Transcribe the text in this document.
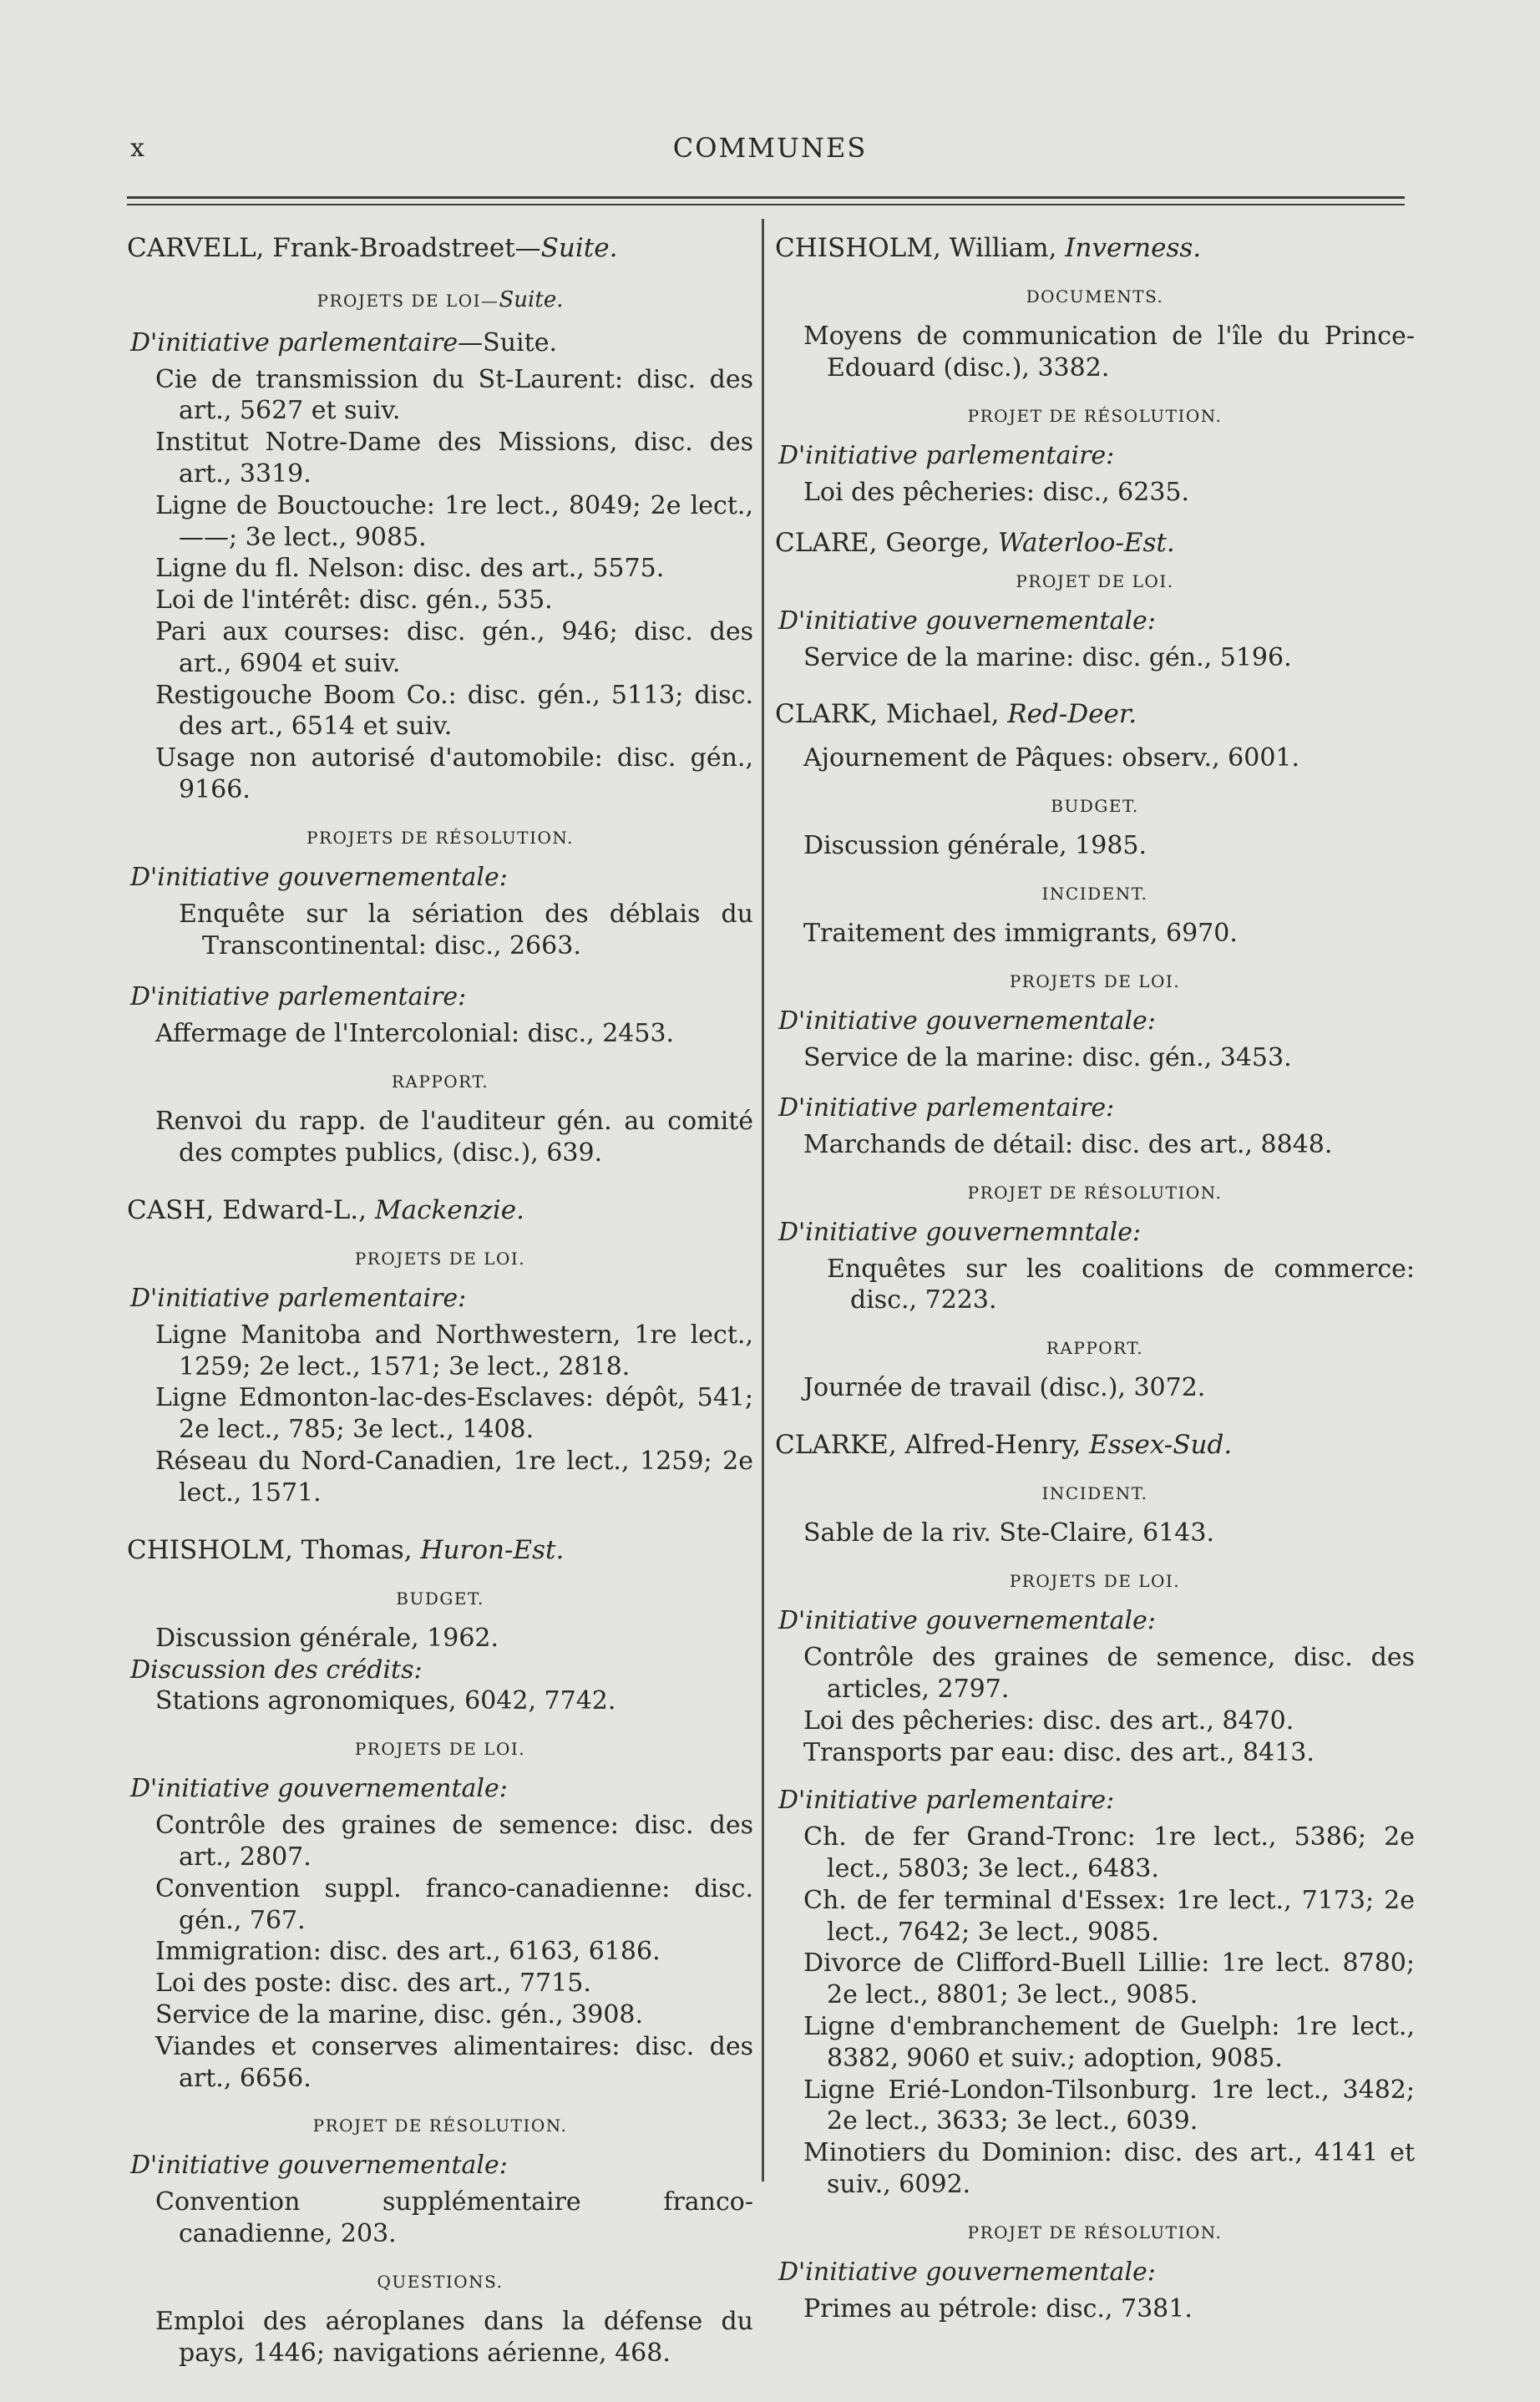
x	COMMUNES
CARVELL, Frank-Broadstreet—Suite.
PROJETS DE LOI—Suite.
D'initiative parlementaire—Suite.
Cie de transmission du St-Laurent: disc. des art., 5627 et suiv.
Institut Notre-Dame des Missions, disc. des art., 3319.
Ligne de Bouctouche: 1re lect., 8049; 2e lect., ——; 3e lect., 9085.
Ligne du fl. Nelson: disc. des art., 5575.
Loi de l'intérêt: disc. gén., 535.
Pari aux courses: disc. gén., 946; disc. des art., 6904 et suiv.
Restigouche Boom Co.: disc. gén., 5113; disc. des art., 6514 et suiv.
Usage non autorisé d'automobile: disc. gén., 9166.
PROJETS DE RÉSOLUTION.
D'initiative gouvernementale:
Enquête sur la sériation des déblais du Transcontinental: disc., 2663.
D'initiative parlementaire:
Affermage de l'Intercolonial: disc., 2453.
RAPPORT.
Renvoi du rapp. de l'auditeur gén. au comité des comptes publics, (disc.), 639.
CASH, Edward-L., Mackenzie.
PROJETS DE LOI.
D'initiative parlementaire:
Ligne Manitoba and Northwestern, 1re lect., 1259; 2e lect., 1571; 3e lect., 2818.
Ligne Edmonton-lac-des-Esclaves: dépôt, 541; 2e lect., 785; 3e lect., 1408.
Réseau du Nord-Canadien, 1re lect., 1259; 2e lect., 1571.
CHISHOLM, Thomas, Huron-Est.
BUDGET.
Discussion générale, 1962.
Discussion des crédits:
Stations agronomiques, 6042, 7742.
PROJETS DE LOI.
D'initiative gouvernementale:
Contrôle des graines de semence: disc. des art., 2807.
Convention suppl. franco-canadienne: disc. gén., 767.
Immigration: disc. des art., 6163, 6186.
Loi des poste: disc. des art., 7715.
Service de la marine, disc. gén., 3908.
Viandes et conserves alimentaires: disc. des art., 6656.
PROJET DE RÉSOLUTION.
D'initiative gouvernementale:
Convention supplémentaire franco-canadienne, 203.
QUESTIONS.
Emploi des aéroplanes dans la défense du pays, 1446; navigations aérienne, 468.
CHISHOLM, William, Inverness.
DOCUMENTS.
Moyens de communication de l'île du Prince-Edouard (disc.), 3382.
PROJET DE RÉSOLUTION.
D'initiative parlementaire:
Loi des pêcheries: disc., 6235.
CLARE, George, Waterloo-Est.
PROJET DE LOI.
D'initiative gouvernementale:
Service de la marine: disc. gén., 5196.
CLARK, Michael, Red-Deer.
Ajournement de Pâques: observ., 6001.
BUDGET.
Discussion générale, 1985.
INCIDENT.
Traitement des immigrants, 6970.
PROJETS DE LOI.
D'initiative gouvernementale:
Service de la marine: disc. gén., 3453.
D'initiative parlementaire:
Marchands de détail: disc. des art., 8848.
PROJET DE RÉSOLUTION.
D'initiative gouvernemntale:
Enquêtes sur les coalitions de commerce: disc., 7223.
RAPPORT.
Journée de travail (disc.), 3072.
CLARKE, Alfred-Henry, Essex-Sud.
INCIDENT.
Sable de la riv. Ste-Claire, 6143.
PROJETS DE LOI.
D'initiative gouvernementale:
Contrôle des graines de semence, disc. des articles, 2797.
Loi des pêcheries: disc. des art., 8470.
Transports par eau: disc. des art., 8413.
D'initiative parlementaire:
Ch. de fer Grand-Tronc: 1re lect., 5386; 2e lect., 5803; 3e lect., 6483.
Ch. de fer terminal d'Essex: 1re lect., 7173; 2e lect., 7642; 3e lect., 9085.
Divorce de Clifford-Buell Lillie: 1re lect. 8780; 2e lect., 8801; 3e lect., 9085.
Ligne d'embranchement de Guelph: 1re lect., 8382, 9060 et suiv.; adoption, 9085.
Ligne Erié-London-Tilsonburg. 1re lect., 3482; 2e lect., 3633; 3e lect., 6039.
Minotiers du Dominion: disc. des art., 4141 et suiv., 6092.
PROJET DE RÉSOLUTION.
D'initiative gouvernementale:
Primes au pétrole: disc., 7381.
